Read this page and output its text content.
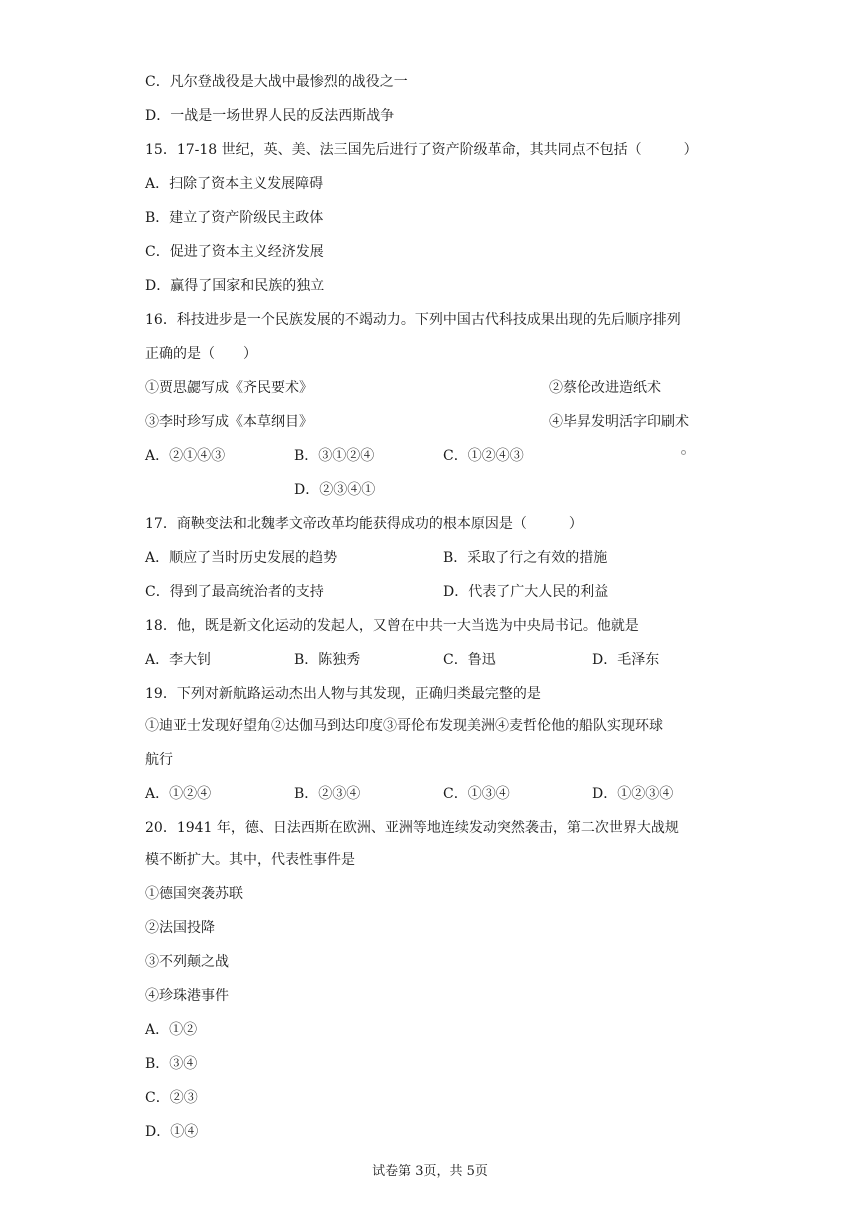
C．凡尔登战役是大战中最惨烈的战役之一
D．一战是一场世界人民的反法西斯战争
15．17-18 世纪，英、美、法三国先后进行了资产阶级革命，其共同点不包括（　　　）
A．扫除了资本主义发展障碍
B．建立了资产阶级民主政体
C．促进了资本主义经济发展
D．赢得了国家和民族的独立
16．科技进步是一个民族发展的不竭动力。下列中国古代科技成果出现的先后顺序排列
正确的是（　　）
①贾思勰写成《齐民要术》	②蔡伦改进造纸术
③李时珍写成《本草纲目》	④毕昇发明活字印刷术
A．②①④③	B．③①②④	C．①②④③
D．②③④①
17．商鞅变法和北魏孝文帝改革均能获得成功的根本原因是（　　　）
A．顺应了当时历史发展的趋势	B．采取了行之有效的措施
C．得到了最高统治者的支持	D．代表了广大人民的利益
18．他，既是新文化运动的发起人，又曾在中共一大当选为中央局书记。他就是
A．李大钊	B．陈独秀	C．鲁迅	D．毛泽东
19．下列对新航路运动杰出人物与其发现，正确归类最完整的是
①迪亚士发现好望角②达伽马到达印度③哥伦布发现美洲④麦哲伦他的船队实现环球
航行
A．①②④	B．②③④	C．①③④	D．①②③④
20．1941 年，德、日法西斯在欧洲、亚洲等地连续发动突然袭击，第二次世界大战规
模不断扩大。其中，代表性事件是
①德国突袭苏联
②法国投降
③不列颠之战
④珍珠港事件
A．①②
B．③④
C．②③
D．①④
试卷第 3页，共 5页
